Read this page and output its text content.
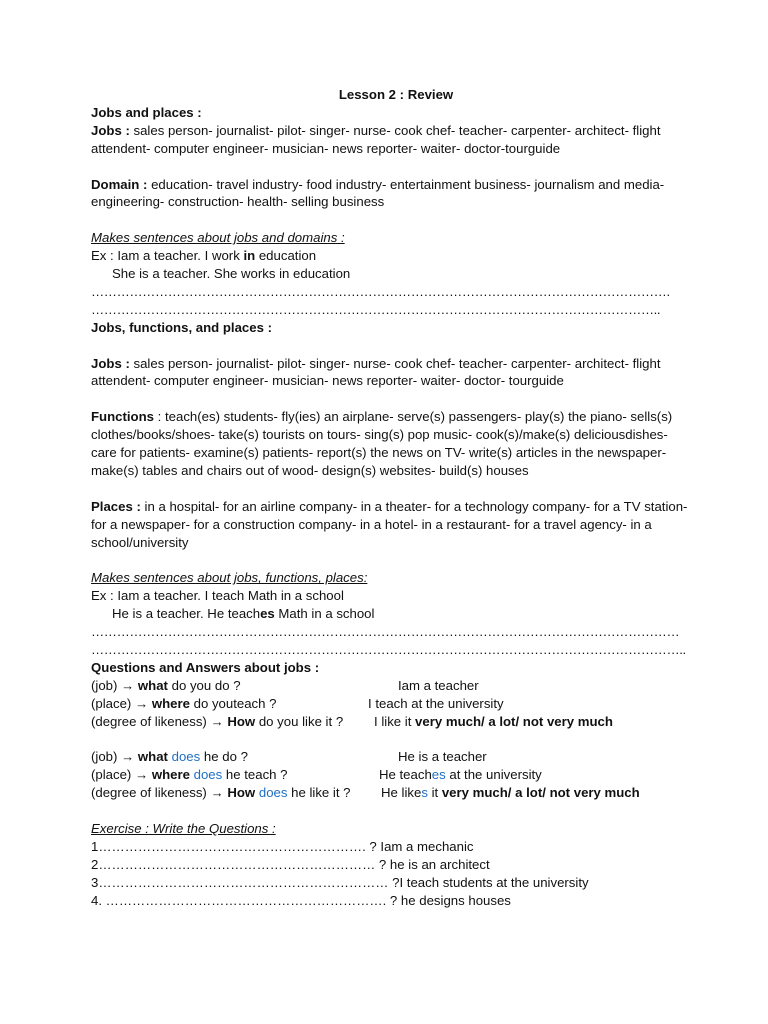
Lesson 2 : Review
Jobs and places :
Jobs : sales person- journalist- pilot- singer- nurse- cook chef- teacher- carpenter- architect- flight attendent- computer engineer- musician- news reporter- waiter- doctor-tourguide
Domain : education- travel industry- food industry- entertainment business- journalism and media- engineering- construction- health- selling business
Makes sentences about jobs and domains :
Ex : Iam a teacher. I work in education
She is a teacher. She works in education
……………………………………………………………………………………………………………………….
……………………………………………………………………………………………………………………..
Jobs, functions, and places :
Jobs : sales person- journalist- pilot- singer- nurse- cook chef- teacher- carpenter- architect- flight attendent- computer engineer- musician- news reporter- waiter- doctor- tourguide
Functions : teach(es) students- fly(ies) an airplane- serve(s) passengers- play(s) the piano- sells(s) clothes/books/shoes- take(s) tourists on tours- sing(s) pop music- cook(s)/make(s) deliciousdishes- care for patients- examine(s) patients- report(s) the news on TV- write(s) articles in the newspaper- make(s) tables and chairs out of wood- design(s) websites- build(s) houses
Places : in a hospital- for an airline company- in a theater- for a technology company- for a TV station- for a newspaper- for a construction company- in a hotel- in a restaurant- for a travel agency- in a school/university
Makes sentences about jobs, functions, places:
Ex : Iam a teacher. I teach Math in a school
He is a teacher. He teaches Math in a school
…………………………………………………………………………………………………………………………
…………………………………………………………………………………………………………………………..
Questions and Answers about jobs :
(job) → what do you do ?	Iam a teacher
(place) → where do youteach ?	I teach at the university
(degree of likeness) → How do you like it ? I like it very much/ a lot/ not very much
(job) → what does he do ?	He is a teacher
(place) → where does he teach ?	He teaches at the university
(degree of likeness) → How does he like it ? He likes it very much/ a lot/ not very much
Exercise : Write the Questions :
1……………………………………………………. ? Iam a mechanic
2……………………………………………………… ? he is an architect
3………………………………………………………… ?I teach students at the university
4. ………………………………………………………. ? he designs houses
